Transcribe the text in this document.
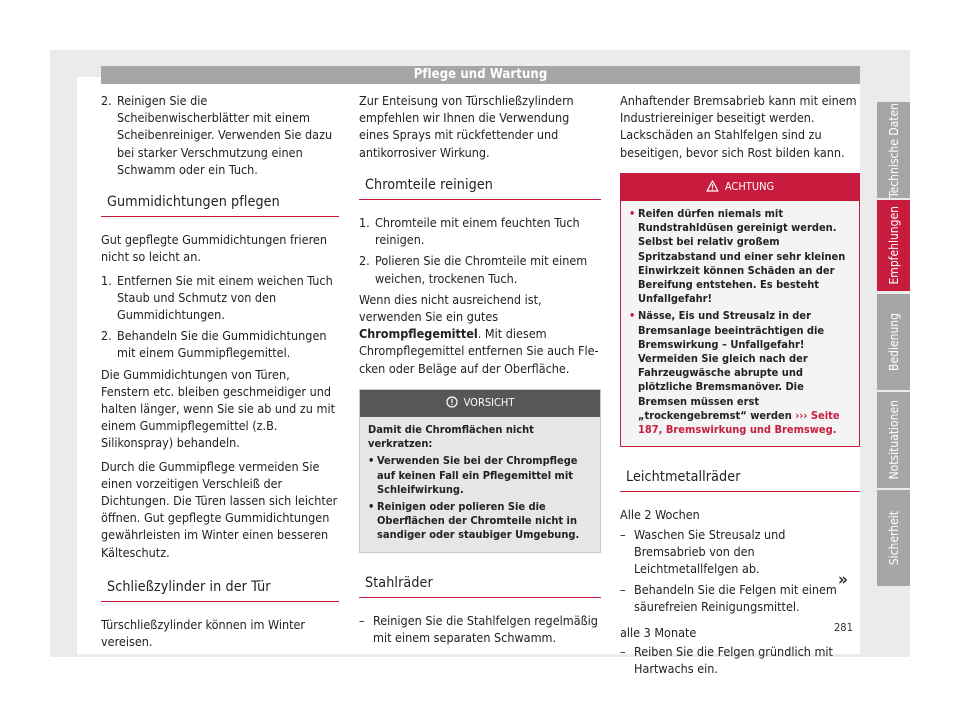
Pflege und Wartung
2. Reinigen Sie die Scheibenwischerblätter mit einem Scheibenreiniger. Verwenden Sie dazu bei starker Verschmutzung einen Schwamm oder ein Tuch.
Gummidichtungen pflegen

Gut gepflegte Gummidichtungen frieren nicht so leicht an.

1. Entfernen Sie mit einem weichen Tuch Staub und Schmutz von den Gummidichtungen.
2. Behandeln Sie die Gummidichtungen mit einem Gummipflegemittel.

Die Gummidichtungen von Türen, Fenstern etc. bleiben geschmeidiger und halten länger, wenn Sie sie ab und zu mit einem Gummipflegemittel (z.B. Silikonspray) behandeln.

Durch die Gummipflege vermeiden Sie einen vorzeitigen Verschleiß der Dichtungen. Die Türen lassen sich leichter öffnen. Gut gepflegte Gummidichtungen gewährleisten im Winter einen besseren Kälteschutz.

Schließzylinder in der Tür

Türschließzylinder können im Winter vereisen.

Zur Enteisung von Türschließzylindern empfehlen wir Ihnen die Verwendung eines Sprays mit rückfettender und antikorrosiver Wirkung.

Chromteile reinigen
1. Chromteile mit einem feuchten Tuch reinigen.
2. Polieren Sie die Chromteile mit einem weichen, trockenen Tuch.

Wenn dies nicht ausreichend ist, verwenden Sie ein gutes Chrompflegemittel. Mit diesem Chrompflegemittel entfernen Sie auch Flecken oder Beläge auf der Oberfläche.

VORSICHT
Damit die Chromflächen nicht verkratzen:
• Verwenden Sie bei der Chrompflege auf keinen Fall ein Pflegemittel mit Schleifwirkung.
• Reinigen oder polieren Sie die Oberflächen der Chromteile nicht in sandiger oder staubiger Umgebung.
Stahlräder
– Reinigen Sie die Stahlfelgen regelmäßig mit einem separaten Schwamm.

Anhaftender Bremsabrieb kann mit einem Industriereiniger beseitigt werden. Lackschäden an Stahlfelgen sind zu beseitigen, bevor sich Rost bilden kann.

ACHTUNG
• Reifen dürfen niemals mit Rundstrahldüsen gereinigt werden. Selbst bei relativ großem Spritzabstand und einer sehr kleinen Einwirkzeit können Schäden an der Bereifung entstehen. Es besteht Unfallgefahr!
• Nässe, Eis und Streusalz in der Bremsanlage beeinträchtigen die Bremswirkung – Unfallgefahr! Vermeiden Sie gleich nach der Fahrzeugwäsche abrupte und plötzliche Bremsmanöver. Die Bremsen müssen erst „trockengebremst“ werden ››› Seite 187, Bremswirkung und Bremsweg.
Leichtmetallräder
Alle 2 Wochen
– Waschen Sie Streusalz und Bremsabrieb von den Leichtmetallfelgen ab.
– Behandeln Sie die Felgen mit einem säurefreien Reinigungsmittel.
alle 3 Monate
– Reiben Sie die Felgen gründlich mit Hartwachs ein.
»
281
Technische Daten
Empfehlungen
Bedienung
Notsituationen
Sicherheit
